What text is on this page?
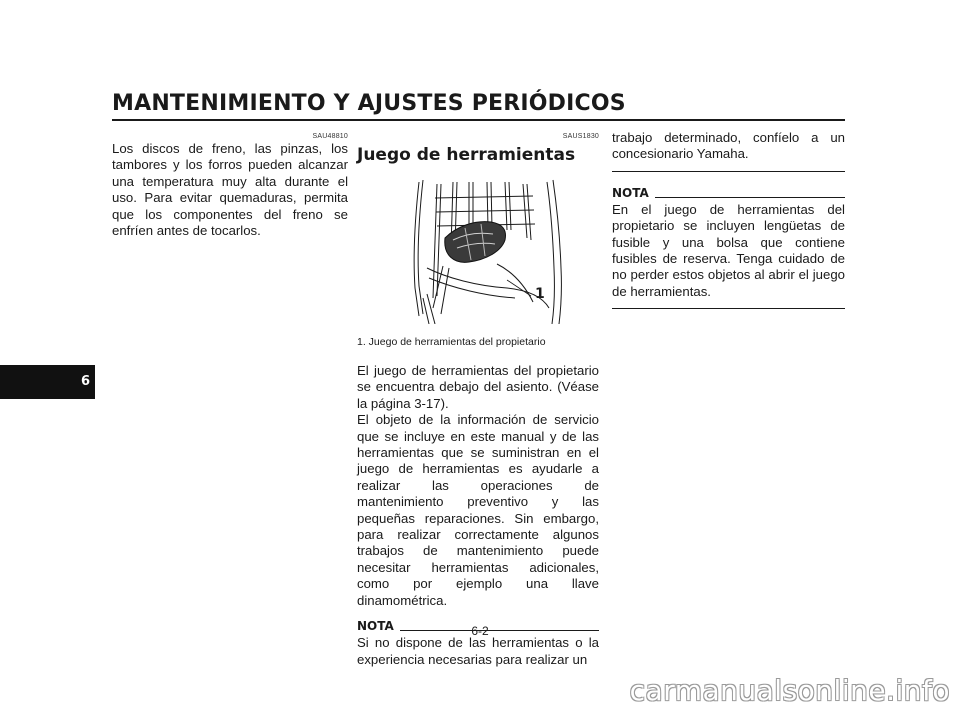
MANTENIMIENTO Y AJUSTES PERIÓDICOS
6
SAU48810

Los discos de freno, las pinzas, los tambores y los forros pueden alcanzar una temperatura muy alta durante el uso. Para evitar quemaduras, permita que los componentes del freno se enfríen antes de tocarlos.

SAUS1830
Juego de herramientas
1
1. Juego de herramientas del propietario

El juego de herramientas del propietario se encuentra debajo del asiento. (Véase la página 3-17).

El objeto de la información de servicio que se incluye en este manual y de las herramientas que se suministran en el juego de herramientas es ayudarle a realizar las operaciones de mantenimiento preventivo y las pequeñas reparaciones. Sin embargo, para realizar correctamente algunos trabajos de mantenimiento puede necesitar herramientas adicionales, como por ejemplo una llave dinamométrica.

NOTA

Si no dispone de las herramientas o la experiencia necesarias para realizar un

trabajo determinado, confíelo a un concesionario Yamaha.

NOTA

En el juego de herramientas del propietario se incluyen lengüetas de fusible y una bolsa que contiene fusibles de reserva. Tenga cuidado de no perder estos objetos al abrir el juego de herramientas.

6-2
carmanualsonline.info
